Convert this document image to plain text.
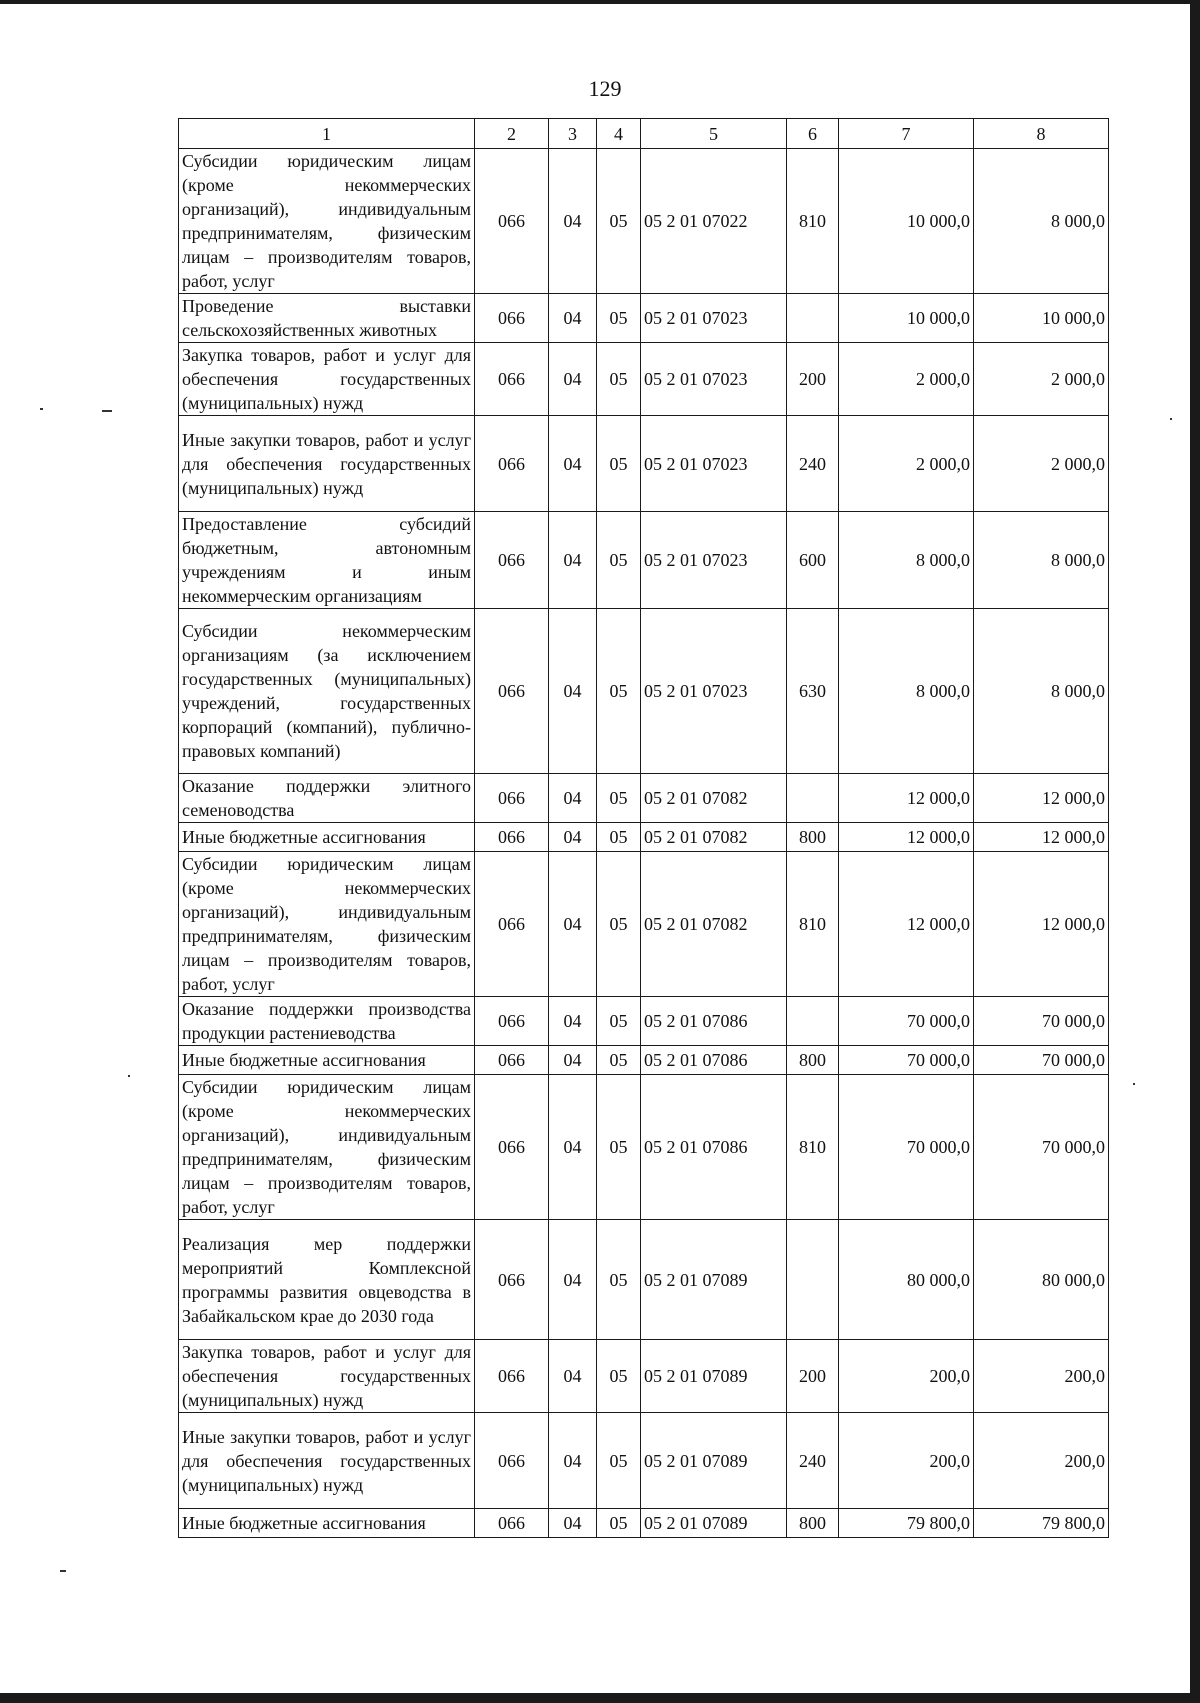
129
1	2	3	4	5	6	7	8
Субсидии юридическим лицам (кроме некоммерческих организаций), индивидуальным предпринимателям, физическим лицам – производителям товаров, работ, услуг	066	04	05	05 2 01 07022	810	10 000,0	8 000,0
Проведение выставки сельскохозяйственных животных	066	04	05	05 2 01 07023		10 000,0	10 000,0
Закупка товаров, работ и услуг для обеспечения государственных (муниципальных) нужд	066	04	05	05 2 01 07023	200	2 000,0	2 000,0
Иные закупки товаров, работ и услуг для обеспечения государственных (муниципальных) нужд	066	04	05	05 2 01 07023	240	2 000,0	2 000,0
Предоставление субсидий бюджетным, автономным учреждениям и иным некоммерческим организациям	066	04	05	05 2 01 07023	600	8 000,0	8 000,0
Субсидии некоммерческим организациям (за исключением государственных (муниципальных) учреждений, государственных корпораций (компаний), публично-правовых компаний)	066	04	05	05 2 01 07023	630	8 000,0	8 000,0
Оказание поддержки элитного семеноводства	066	04	05	05 2 01 07082		12 000,0	12 000,0
Иные бюджетные ассигнования	066	04	05	05 2 01 07082	800	12 000,0	12 000,0
Субсидии юридическим лицам (кроме некоммерческих организаций), индивидуальным предпринимателям, физическим лицам – производителям товаров, работ, услуг	066	04	05	05 2 01 07082	810	12 000,0	12 000,0
Оказание поддержки производства продукции растениеводства	066	04	05	05 2 01 07086		70 000,0	70 000,0
Иные бюджетные ассигнования	066	04	05	05 2 01 07086	800	70 000,0	70 000,0
Субсидии юридическим лицам (кроме некоммерческих организаций), индивидуальным предпринимателям, физическим лицам – производителям товаров, работ, услуг	066	04	05	05 2 01 07086	810	70 000,0	70 000,0
Реализация мер поддержки мероприятий Комплексной программы развития овцеводства в Забайкальском крае до 2030 года	066	04	05	05 2 01 07089		80 000,0	80 000,0
Закупка товаров, работ и услуг для обеспечения государственных (муниципальных) нужд	066	04	05	05 2 01 07089	200	200,0	200,0
Иные закупки товаров, работ и услуг для обеспечения государственных (муниципальных) нужд	066	04	05	05 2 01 07089	240	200,0	200,0
Иные бюджетные ассигнования	066	04	05	05 2 01 07089	800	79 800,0	79 800,0
